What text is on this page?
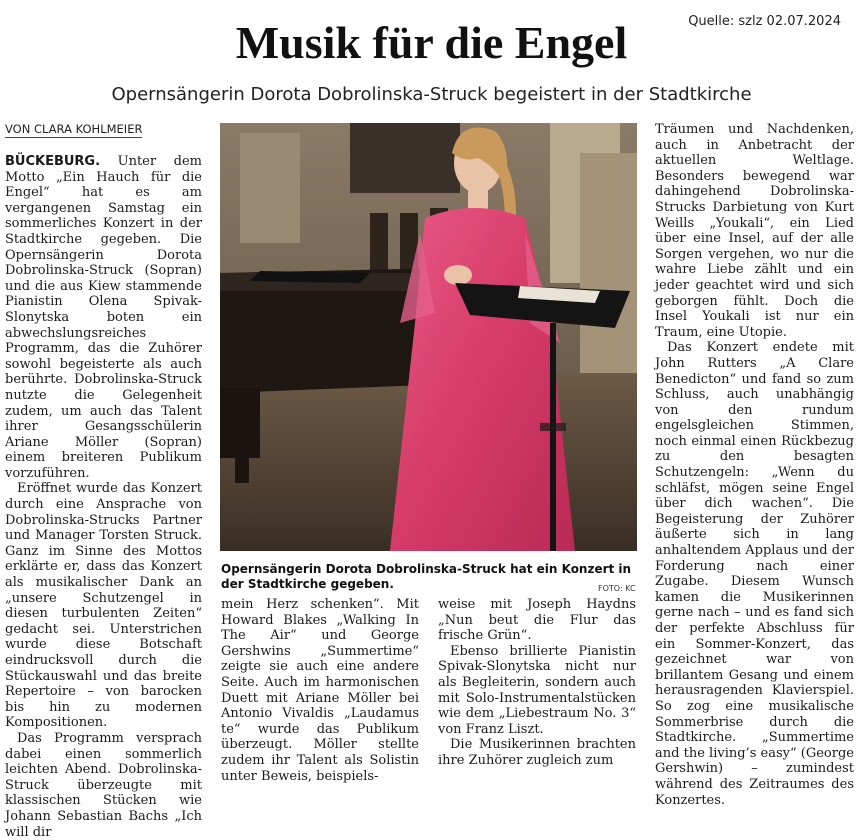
Quelle: szlz 02.07.2024
Musik für die Engel
Opernsängerin Dorota Dobrolinska-Struck begeistert in der Stadtkirche
VON CLARA KOHLMEIER

BÜCKEBURG. Unter dem Motto „Ein Hauch für die Engel“ hat es am vergangenen Samstag ein sommerliches Konzert in der Stadtkirche gegeben. Die Opernsängerin Dorota Dobrolinska-Struck (Sopran) und die aus Kiew stammende Pianistin Olena Spivak-Slonytska boten ein abwechslungsreiches Programm, das die Zuhörer sowohl begeisterte als auch berührte. Dobrolinska-Struck nutzte die Gelegenheit zudem, um auch das Talent ihrer Gesangsschülerin Ariane Möller (Sopran) einem breiteren Publikum vorzuführen.

Eröffnet wurde das Konzert durch eine Ansprache von Dobrolinska-Strucks Partner und Manager Torsten Struck. Ganz im Sinne des Mottos erklärte er, dass das Konzert als musikalischer Dank an „unsere Schutzengel in diesen turbulenten Zeiten“ gedacht sei. Unterstrichen wurde diese Botschaft eindrucksvoll durch die Stückauswahl und das breite Repertoire – von barocken bis hin zu modernen Kompositionen.

Das Programm versprach dabei einen sommerlich leichten Abend. Dobrolinska-Struck überzeugte mit klassischen Stücken wie Johann Sebastian Bachs „Ich will dir

Opernsängerin Dorota Dobrolinska-Struck hat ein Konzert in der Stadtkirche gegeben.	FOTO: KC

mein Herz schenken“. Mit Howard Blakes „Walking In The Air“ und George Gershwins „Summertime“ zeigte sie auch eine andere Seite. Auch im harmonischen Duett mit Ariane Möller bei Antonio Vivaldis „Laudamus te“ wurde das Publikum überzeugt. Möller stellte zudem ihr Talent als Solistin unter Beweis, beispiels-

weise mit Joseph Haydns „Nun beut die Flur das frische Grün“.

Ebenso brillierte Pianistin Spivak-Slonytska nicht nur als Begleiterin, sondern auch mit Solo-Instrumentalstücken wie dem „Liebestraum No. 3“ von Franz Liszt.

Die Musikerinnen brachten ihre Zuhörer zugleich zum

Träumen und Nachdenken, auch in Anbetracht der aktuellen Weltlage. Besonders bewegend war dahingehend Dobrolinska-Strucks Darbietung von Kurt Weills „Youkali“, ein Lied über eine Insel, auf der alle Sorgen vergehen, wo nur die wahre Liebe zählt und ein jeder geachtet wird und sich geborgen fühlt. Doch die Insel Youkali ist nur ein Traum, eine Utopie.

Das Konzert endete mit John Rutters „A Clare Benedicton“ und fand so zum Schluss, auch unabhängig von den rundum engelsgleichen Stimmen, noch einmal einen Rückbezug zu den besagten Schutzengeln: „Wenn du schläfst, mögen seine Engel über dich wachen“. Die Begeisterung der Zuhörer äußerte sich in lang anhaltendem Applaus und der Forderung nach einer Zugabe. Diesem Wunsch kamen die Musikerinnen gerne nach – und es fand sich der perfekte Abschluss für ein Sommer-Konzert, das gezeichnet war von brillantem Gesang und einem herausragenden Klavierspiel. So zog eine musikalische Sommerbrise durch die Stadtkirche. „Summertime and the living’s easy“ (George Gershwin) – zumindest während des Zeitraumes des Konzertes.
